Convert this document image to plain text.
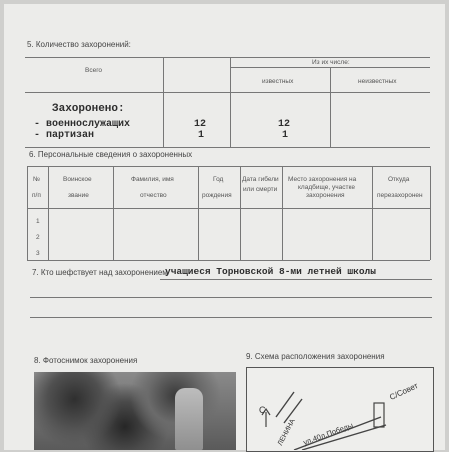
5. Количество захоронений:
Всего
Из их числе:
известных	неизвестных
Захоронено:
- военнослужащих
- партизан
12
1
12
1
6. Персональные сведения о захороненных
№
п/п
Воинское
звание
Фамилия, имя
отчество
Год
рождения
Дата гибели
или смерти
Место захоронения на
кладбище, участке
захоронения
Откуда
перезахоронен
1
2
3
7. Кто шефствует над захоронением
учащиеся Торновской 8-ми летней школы
8. Фотоснимок захоронения	9. Схема расположения захоронения
С
ул.40л.Победы
ЛЕНИНА
С/Совет
